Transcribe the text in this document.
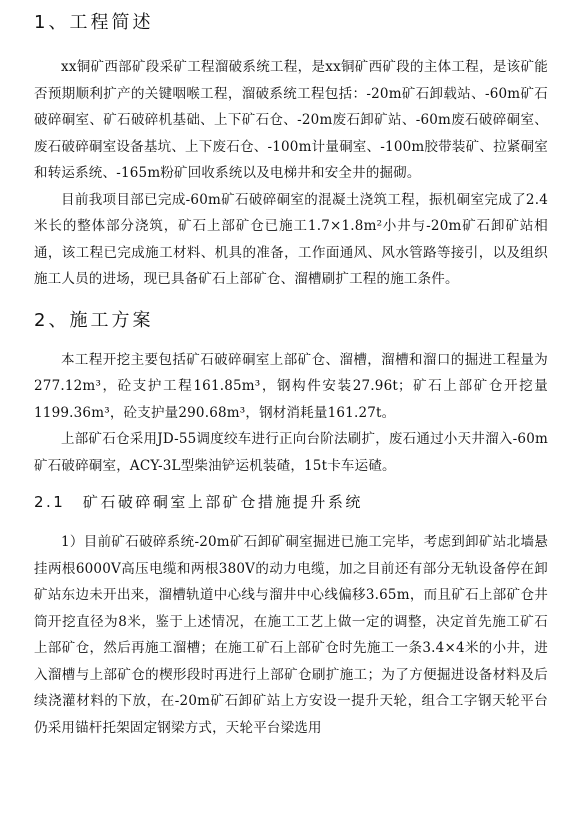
1、工程简述

xx铜矿西部矿段采矿工程溜破系统工程，是xx铜矿西矿段的主体工程，是该矿能否预期顺利扩产的关键咽喉工程，溜破系统工程包括：-20m矿石卸载站、-60m矿石破碎硐室、矿石破碎机基础、上下矿石仓、-20m废石卸矿站、-60m废石破碎硐室、废石破碎硐室设备基坑、上下废石仓、-100m计量硐室、-100m胶带装矿、拉紧硐室和转运系统、-165m粉矿回收系统以及电梯井和安全井的掘砌。

目前我项目部已完成-60m矿石破碎硐室的混凝土浇筑工程，振机硐室完成了2.4米长的整体部分浇筑，矿石上部矿仓已施工1.7×1.8m²小井与-20m矿石卸矿站相通，该工程已完成施工材料、机具的准备，工作面通风、风水管路等接引，以及组织施工人员的进场，现已具备矿石上部矿仓、溜槽刷扩工程的施工条件。

2、施工方案

本工程开挖主要包括矿石破碎硐室上部矿仓、溜槽，溜槽和溜口的掘进工程量为277.12m³，砼支护工程161.85m³，钢构件安装27.96t；矿石上部矿仓开挖量1199.36m³，砼支护量290.68m³，钢材消耗量161.27t。

上部矿石仓采用JD-55调度绞车进行正向台阶法刷扩，废石通过小天井溜入-60m矿石破碎硐室，ACY-3L型柴油铲运机装碴，15t卡车运碴。

2.1　矿石破碎硐室上部矿仓措施提升系统

1）目前矿石破碎系统-20m矿石卸矿硐室掘进已施工完毕，考虑到卸矿站北墙悬挂两根6000V高压电缆和两根380V的动力电缆，加之目前还有部分无轨设备停在卸矿站东边未开出来，溜槽轨道中心线与溜井中心线偏移3.65m，而且矿石上部矿仓井筒开挖直径为8米，鉴于上述情况，在施工工艺上做一定的调整，决定首先施工矿石上部矿仓，然后再施工溜槽；在施工矿石上部矿仓时先施工一条3.4×4米的小井，进入溜槽与上部矿仓的楔形段时再进行上部矿仓刷扩施工；为了方便掘进设备材料及后续浇灌材料的下放，在-20m矿石卸矿站上方安设一提升天轮，组合工字钢天轮平台仍采用锚杆托架固定钢梁方式，天轮平台梁选用
